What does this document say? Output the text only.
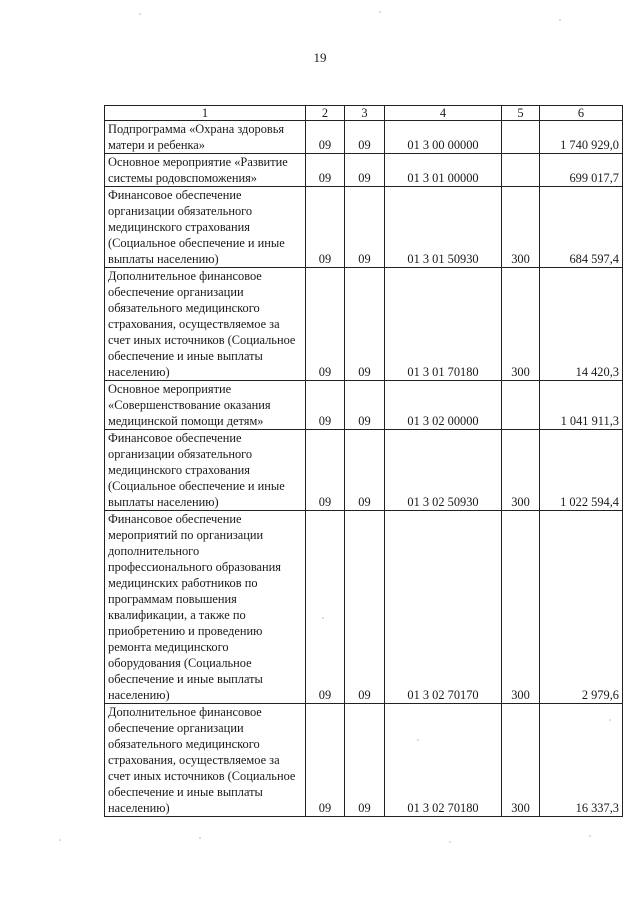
19
1	2	3	4	5	6
Подпрограмма «Охрана здоровья матери и ребенка»	09	09	01 3 00 00000		1 740 929,0
Основное мероприятие «Развитие системы родовспоможения»	09	09	01 3 01 00000		699 017,7
Финансовое обеспечение организации обязательного медицинского страхования (Социальное обеспечение и иные выплаты населению)	09	09	01 3 01 50930	300	684 597,4
Дополнительное финансовое обеспечение организации обязательного медицинского страхования, осуществляемое за счет иных источников (Социальное обеспечение и иные выплаты населению)	09	09	01 3 01 70180	300	14 420,3
Основное мероприятие «Совершенствование оказания медицинской помощи детям»	09	09	01 3 02 00000		1 041 911,3
Финансовое обеспечение организации обязательного медицинского страхования (Социальное обеспечение и иные выплаты населению)	09	09	01 3 02 50930	300	1 022 594,4
Финансовое обеспечение мероприятий по организации дополнительного профессионального образования медицинских работников по программам повышения квалификации, а также по приобретению и проведению ремонта медицинского оборудования (Социальное обеспечение и иные выплаты населению)	09	09	01 3 02 70170	300	2 979,6
Дополнительное финансовое обеспечение организации обязательного медицинского страхования, осуществляемое за счет иных источников (Социальное обеспечение и иные выплаты населению)	09	09	01 3 02 70180	300	16 337,3
